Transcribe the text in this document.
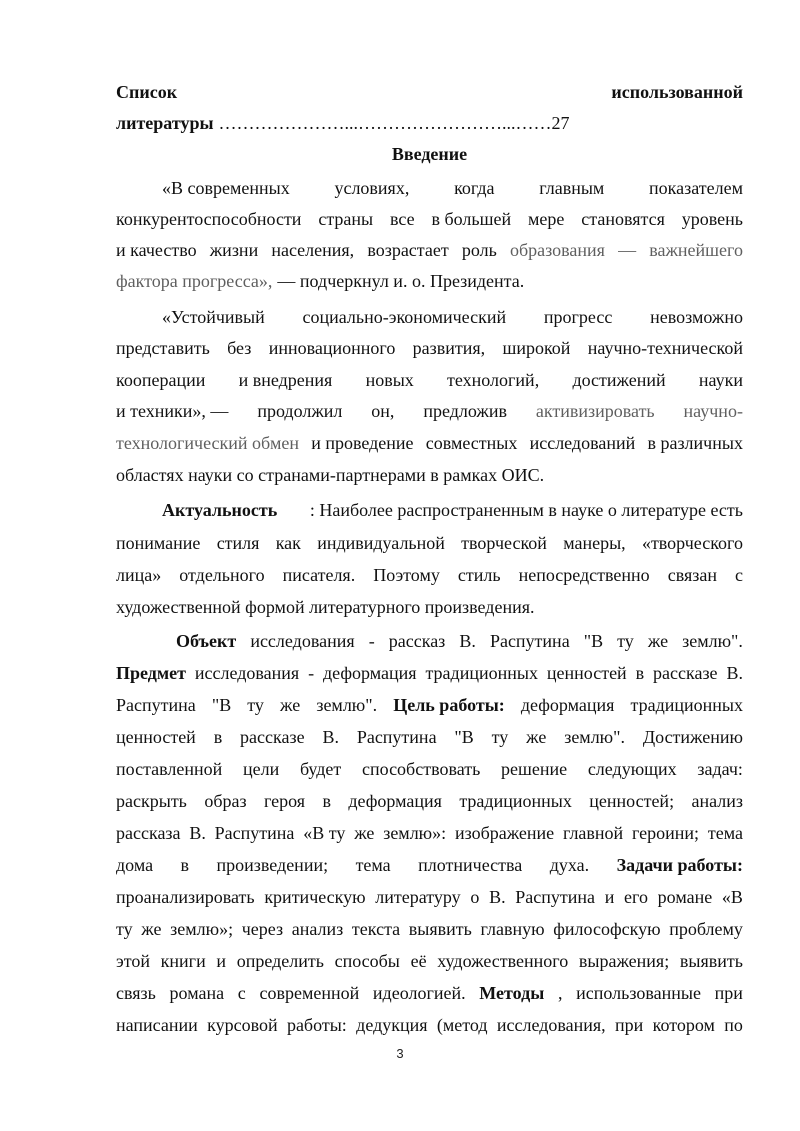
Список	использованной
литературы …………………...……………………...……27
Введение
«В современных условиях, когда главным показателем
конкурентоспособности страны все в большей мере становятся уровень
и качество жизни населения, возрастает роль образования — важнейшего
фактора прогресса», — подчеркнул и. о. Президента.
«Устойчивый социально-экономический прогресс невозможно
представить без инновационного развития, широкой научно-технической
кооперации и внедрения новых технологий, достижений науки
и техники», — продолжил он, предложив активизировать научно-
технологический обмен и проведение совместных исследований в различных
областях науки со странами-партнерами в рамках ОИС.
Актуальность : Наиболее распространенным в науке о литературе есть
понимание стиля как индивидуальной творческой манеры, «творческого
лица» отдельного писателя. Поэтому стиль непосредственно связан с
художественной формой литературного произведения.
Объект исследования - рассказ В. Распутина "В ту же землю".
Предмет исследования - деформация традиционных ценностей в рассказе В.
Распутина "В ту же землю". Цель работы: деформация традиционных
ценностей в рассказе В. Распутина "В ту же землю". Достижению
поставленной цели будет способствовать решение следующих задач:
раскрыть образ героя в деформация традиционных ценностей; анализ
рассказа В. Распутина «В ту же землю»: изображение главной героини; тема
дома в произведении; тема плотничества духа. Задачи работы:
проанализировать критическую литературу о В. Распутина и его романе «В
ту же землю»; через анализ текста выявить главную философскую проблему
этой книги и определить способы её художественного выражения; выявить
связь романа с современной идеологией. Методы , использованные при
написании курсовой работы: дедукция (метод исследования, при котором по
3
